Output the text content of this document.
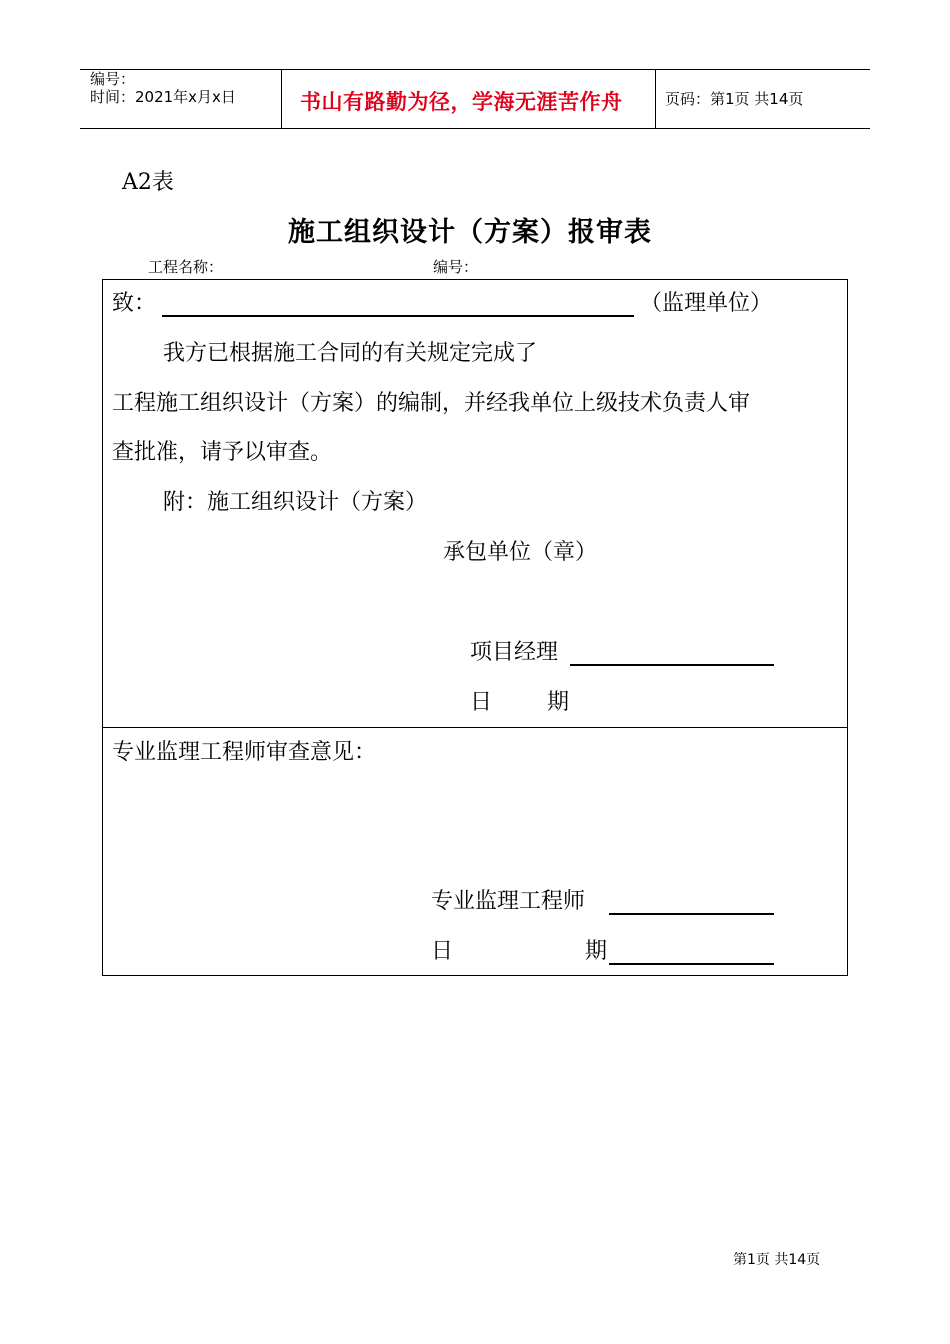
编号：
时间：2021年x月x日	书山有路勤为径，学海无涯苦作舟	页码：第1页 共14页
A2表
施工组织设计（方案）报审表
工程名称：	编号：
致：	（监理单位）
我方已根据施工合同的有关规定完成了
工程施工组织设计（方案）的编制，并经我单位上级技术负责人审
查批准，请予以审查。
附：施工组织设计（方案）
承包单位（章）
项目经理
日 期
专业监理工程师审查意见：
专业监理工程师
日	期
第1页 共14页
